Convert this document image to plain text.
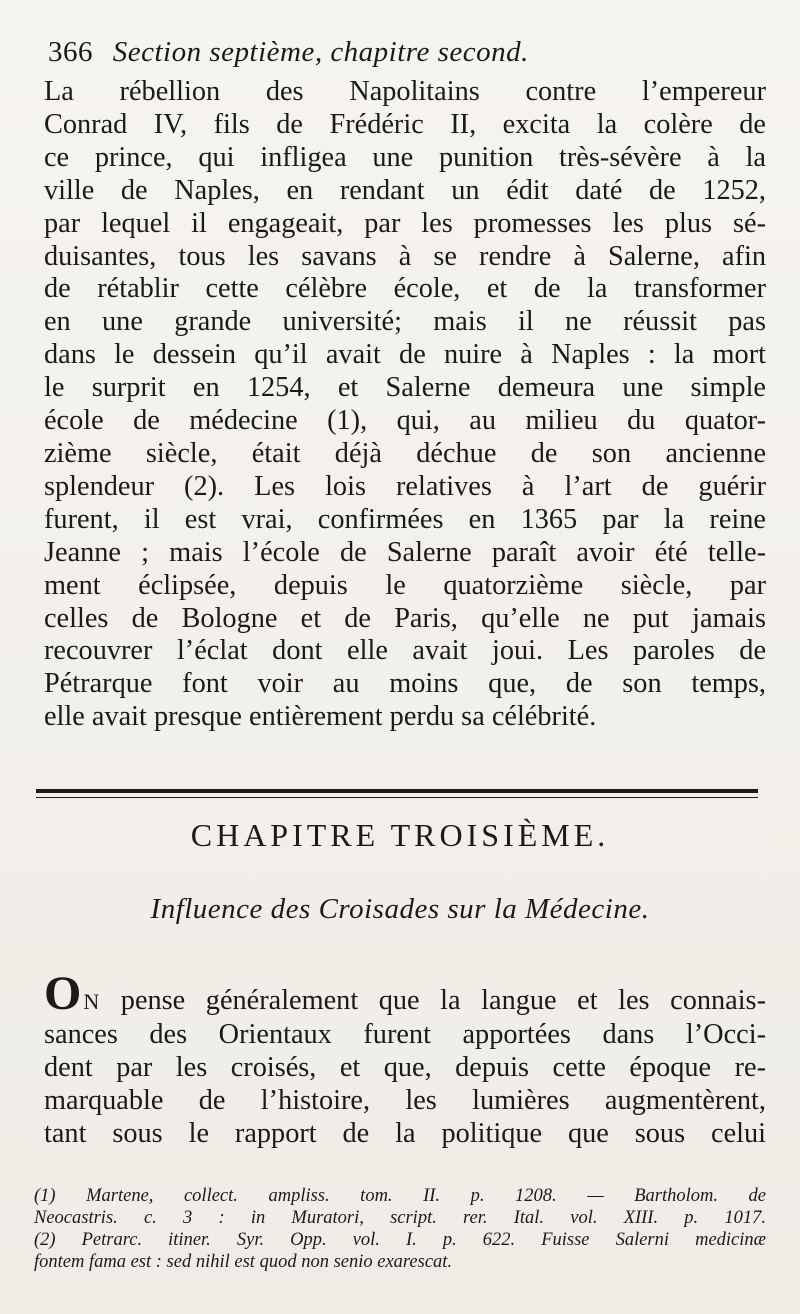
366 Section septième, chapitre second.
La rébellion des Napolitains contre l’empereur
Conrad IV, fils de Frédéric II, excita la colère de
ce prince, qui infligea une punition très-sévère à la
ville de Naples, en rendant un édit daté de 1252,
par lequel il engageait, par les promesses les plus sé-
duisantes, tous les savans à se rendre à Salerne, afin
de rétablir cette célèbre école, et de la transformer
en une grande université; mais il ne réussit pas
dans le dessein qu’il avait de nuire à Naples : la mort
le surprit en 1254, et Salerne demeura une simple
école de médecine (1), qui, au milieu du quator-
zième siècle, était déjà déchue de son ancienne
splendeur (2). Les lois relatives à l’art de guérir
furent, il est vrai, confirmées en 1365 par la reine
Jeanne ; mais l’école de Salerne paraît avoir été telle-
ment éclipsée, depuis le quatorzième siècle, par
celles de Bologne et de Paris, qu’elle ne put jamais
recouvrer l’éclat dont elle avait joui. Les paroles de
Pétrarque font voir au moins que, de son temps,
elle avait presque entièrement perdu sa célébrité.
CHAPITRE TROISIÈME.
Influence des Croisades sur la Médecine.
ON pense généralement que la langue et les connais-
sances des Orientaux furent apportées dans l’Occi-
dent par les croisés, et que, depuis cette époque re-
marquable de l’histoire, les lumières augmentèrent,
tant sous le rapport de la politique que sous celui
(1) Martene, collect. ampliss. tom. II. p. 1208. — Bartholom. de
Neocastris. c. 3 : in Muratori, script. rer. Ital. vol. XIII. p. 1017.
(2) Petrarc. itiner. Syr. Opp. vol. I. p. 622. Fuisse Salerni medicinæ
fontem fama est : sed nihil est quod non senio exarescat.
